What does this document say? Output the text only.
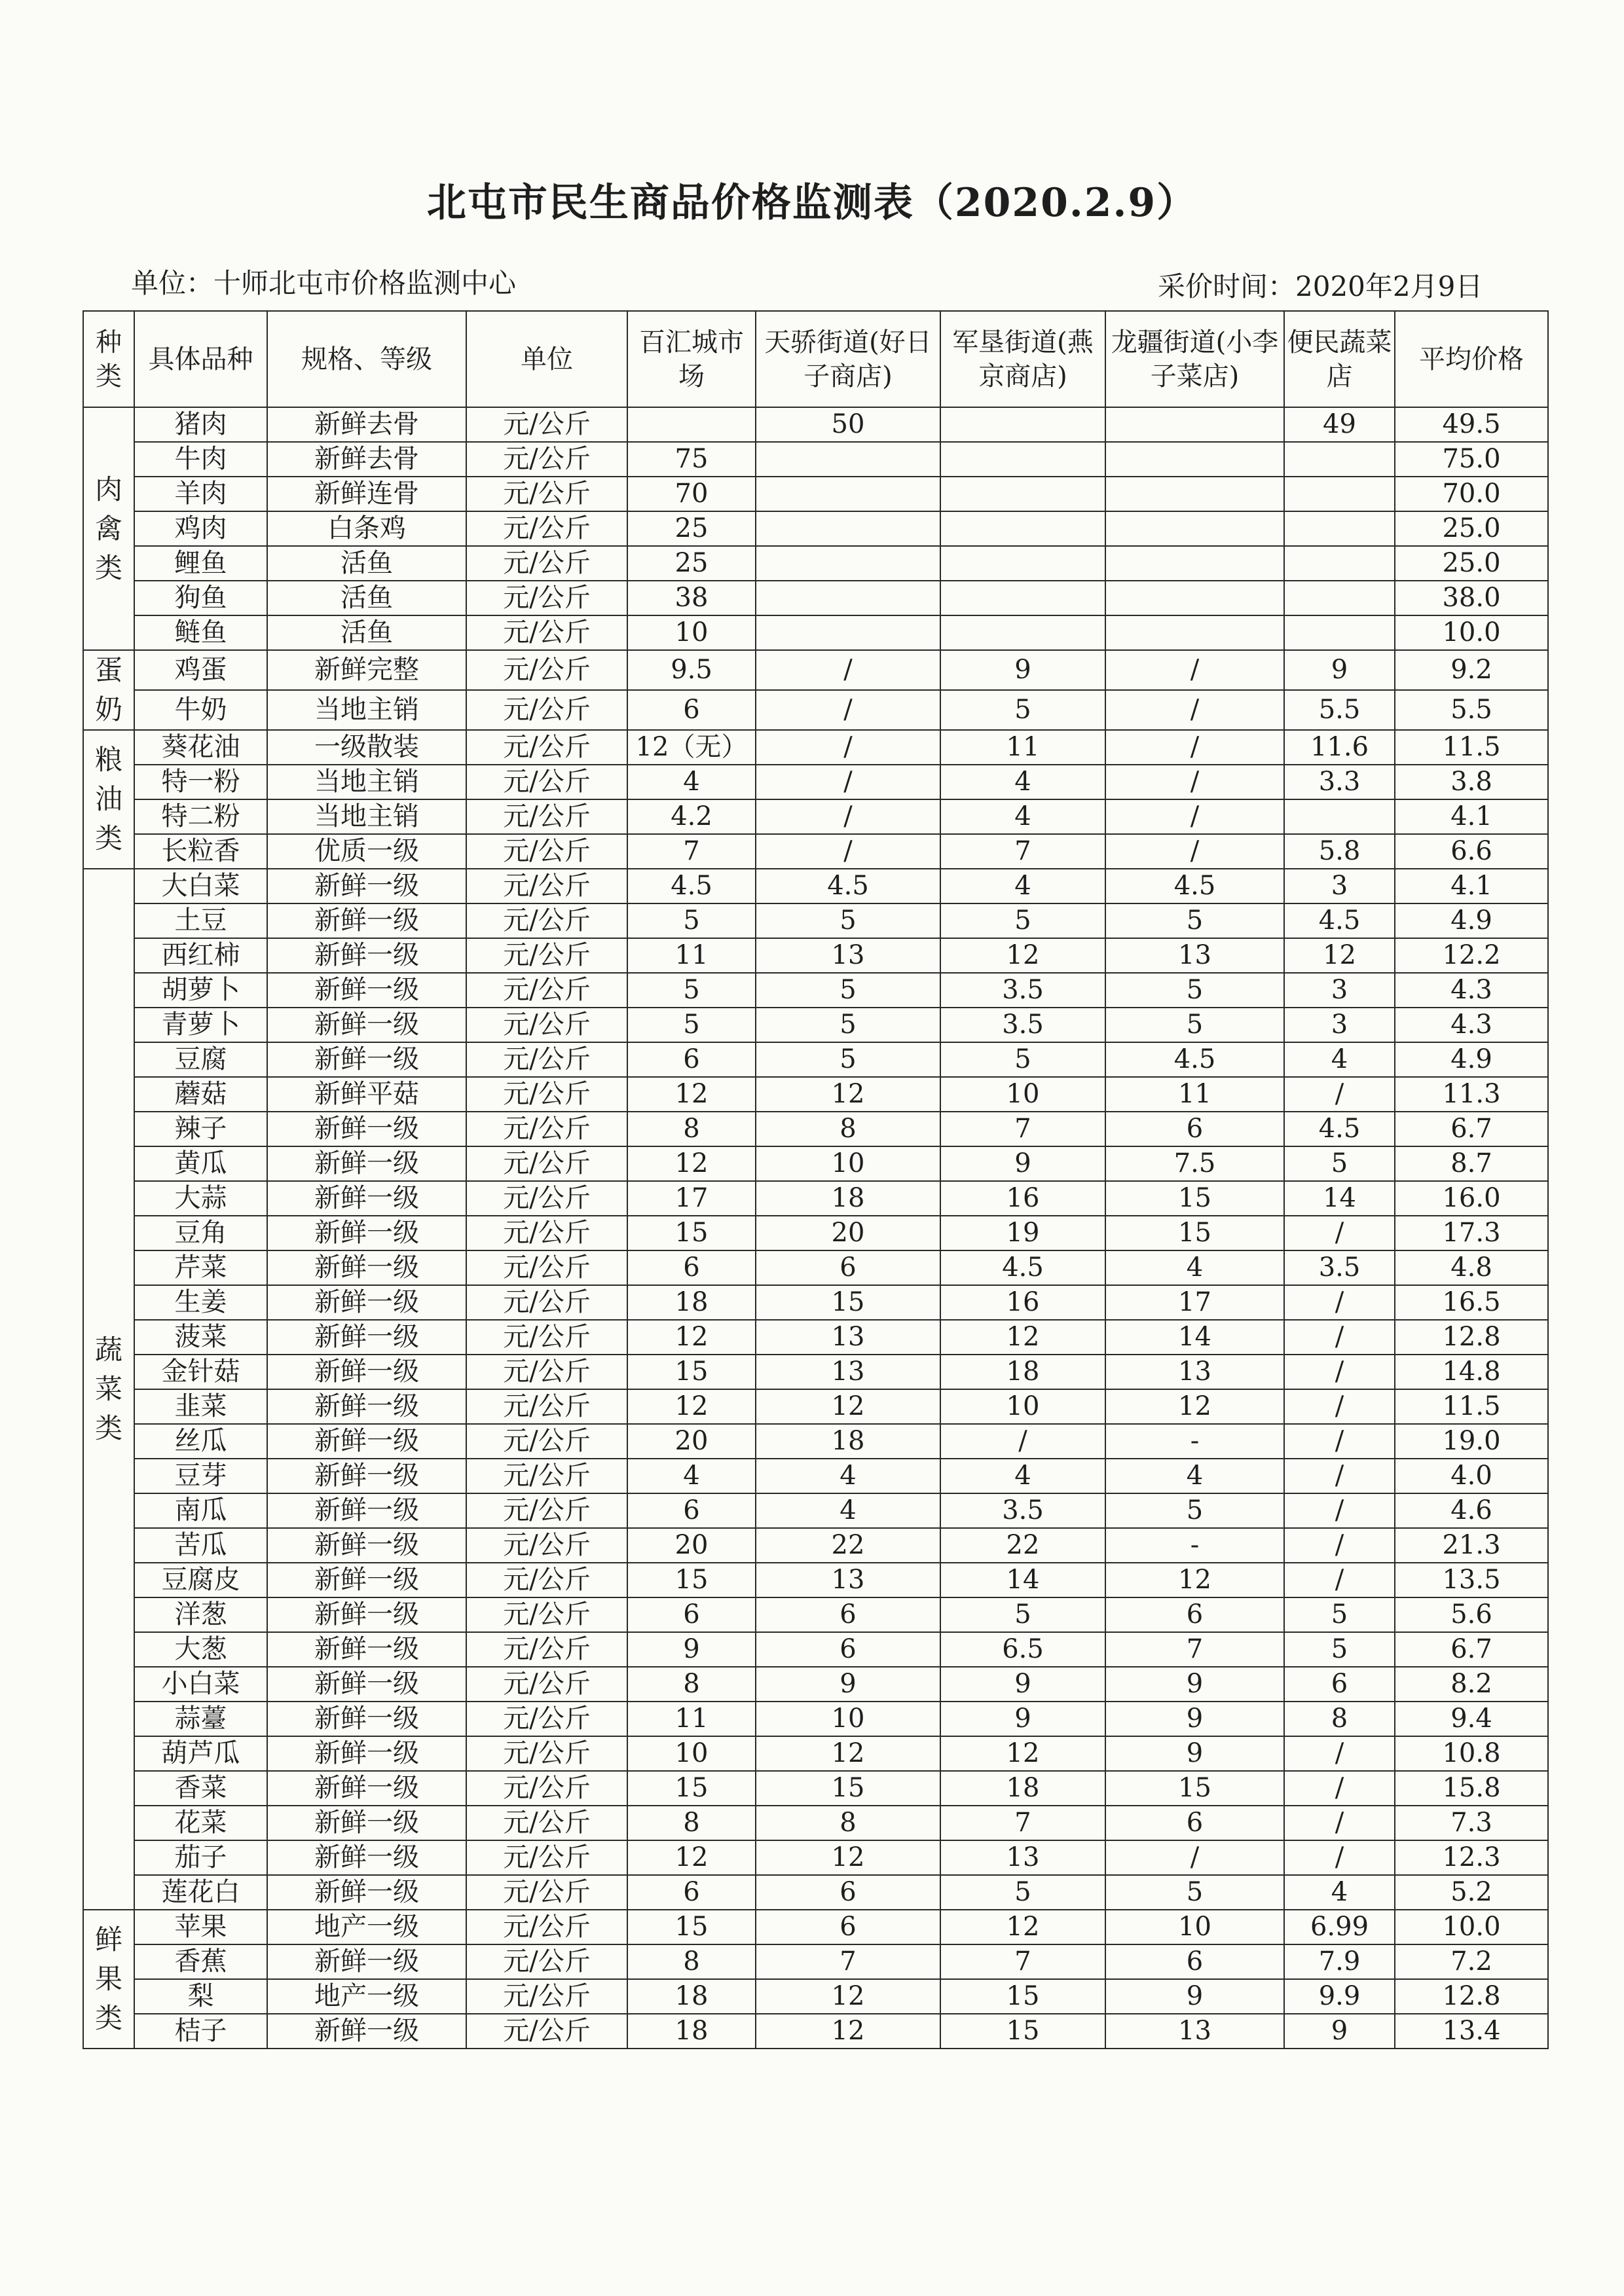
北屯市民生商品价格监测表（2020.2.9）
单位：十师北屯市价格监测中心	采价时间：2020年2月9日
种类	具体品种	规格、等级	单位	百汇城市场	天骄街道(好日子商店)	军垦街道(燕京商店)	龙疆街道(小李子菜店)	便民蔬菜店	平均价格
肉禽类	猪肉	新鲜去骨	元/公斤		50			49	49.5
	牛肉	新鲜去骨	元/公斤	75					75.0
	羊肉	新鲜连骨	元/公斤	70					70.0
	鸡肉	白条鸡	元/公斤	25					25.0
	鲤鱼	活鱼	元/公斤	25					25.0
	狗鱼	活鱼	元/公斤	38					38.0
	鲢鱼	活鱼	元/公斤	10					10.0
蛋奶	鸡蛋	新鲜完整	元/公斤	9.5	/	9	/	9	9.2
	牛奶	当地主销	元/公斤	6	/	5	/	5.5	5.5
粮油类	葵花油	一级散装	元/公斤	12（无）	/	11	/	11.6	11.5
	特一粉	当地主销	元/公斤	4	/	4	/	3.3	3.8
	特二粉	当地主销	元/公斤	4.2	/	4	/		4.1
	长粒香	优质一级	元/公斤	7	/	7	/	5.8	6.6
蔬菜类	大白菜	新鲜一级	元/公斤	4.5	4.5	4	4.5	3	4.1
	土豆	新鲜一级	元/公斤	5	5	5	5	4.5	4.9
	西红柿	新鲜一级	元/公斤	11	13	12	13	12	12.2
	胡萝卜	新鲜一级	元/公斤	5	5	3.5	5	3	4.3
	青萝卜	新鲜一级	元/公斤	5	5	3.5	5	3	4.3
	豆腐	新鲜一级	元/公斤	6	5	5	4.5	4	4.9
	蘑菇	新鲜平菇	元/公斤	12	12	10	11	/	11.3
	辣子	新鲜一级	元/公斤	8	8	7	6	4.5	6.7
	黄瓜	新鲜一级	元/公斤	12	10	9	7.5	5	8.7
	大蒜	新鲜一级	元/公斤	17	18	16	15	14	16.0
	豆角	新鲜一级	元/公斤	15	20	19	15	/	17.3
	芹菜	新鲜一级	元/公斤	6	6	4.5	4	3.5	4.8
	生姜	新鲜一级	元/公斤	18	15	16	17	/	16.5
	菠菜	新鲜一级	元/公斤	12	13	12	14	/	12.8
	金针菇	新鲜一级	元/公斤	15	13	18	13	/	14.8
	韭菜	新鲜一级	元/公斤	12	12	10	12	/	11.5
	丝瓜	新鲜一级	元/公斤	20	18	/	-	/	19.0
	豆芽	新鲜一级	元/公斤	4	4	4	4	/	4.0
	南瓜	新鲜一级	元/公斤	6	4	3.5	5	/	4.6
	苦瓜	新鲜一级	元/公斤	20	22	22	-	/	21.3
	豆腐皮	新鲜一级	元/公斤	15	13	14	12	/	13.5
	洋葱	新鲜一级	元/公斤	6	6	5	6	5	5.6
	大葱	新鲜一级	元/公斤	9	6	6.5	7	5	6.7
	小白菜	新鲜一级	元/公斤	8	9	9	9	6	8.2
	蒜薹	新鲜一级	元/公斤	11	10	9	9	8	9.4
	葫芦瓜	新鲜一级	元/公斤	10	12	12	9	/	10.8
	香菜	新鲜一级	元/公斤	15	15	18	15	/	15.8
	花菜	新鲜一级	元/公斤	8	8	7	6	/	7.3
	茄子	新鲜一级	元/公斤	12	12	13	/	/	12.3
	莲花白	新鲜一级	元/公斤	6	6	5	5	4	5.2
鲜果类	苹果	地产一级	元/公斤	15	6	12	10	6.99	10.0
	香蕉	新鲜一级	元/公斤	8	7	7	6	7.9	7.2
	梨	地产一级	元/公斤	18	12	15	9	9.9	12.8
	桔子	新鲜一级	元/公斤	18	12	15	13	9	13.4
